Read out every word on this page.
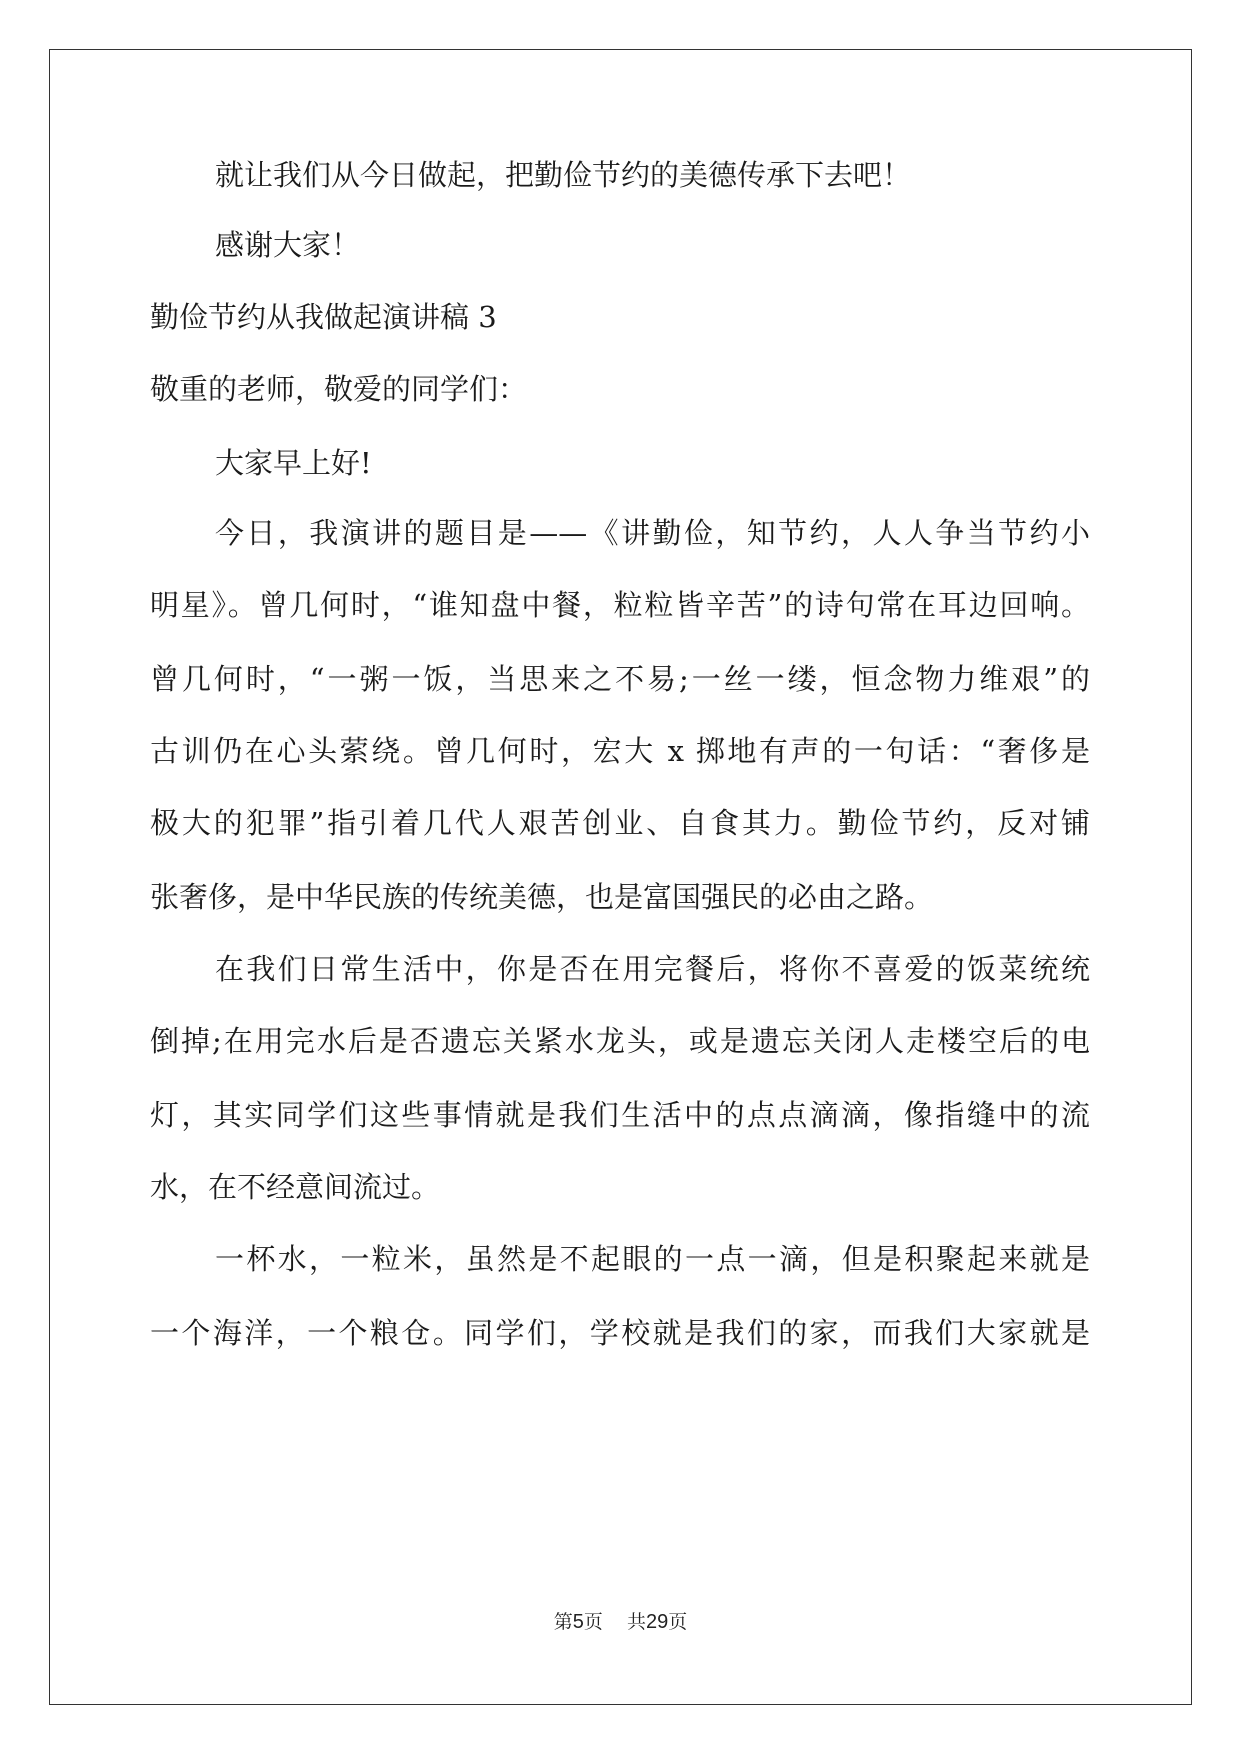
就让我们从今日做起，把勤俭节约的美德传承下去吧！
感谢大家！
勤俭节约从我做起演讲稿 3
敬重的老师，敬爱的同学们：
大家早上好!
今日，我演讲的题目是——《讲勤俭，知节约，人人争当节约小
明星》。曾几何时，“谁知盘中餐，粒粒皆辛苦”的诗句常在耳边回响。
曾几何时，“一粥一饭，当思来之不易;一丝一缕，恒念物力维艰”的
古训仍在心头萦绕。曾几何时，宏大 x 掷地有声的一句话：“奢侈是
极大的犯罪”指引着几代人艰苦创业、自食其力。勤俭节约，反对铺
张奢侈，是中华民族的传统美德，也是富国强民的必由之路。
在我们日常生活中，你是否在用完餐后，将你不喜爱的饭菜统统
倒掉;在用完水后是否遗忘关紧水龙头，或是遗忘关闭人走楼空后的电
灯，其实同学们这些事情就是我们生活中的点点滴滴，像指缝中的流
水，在不经意间流过。
一杯水，一粒米，虽然是不起眼的一点一滴，但是积聚起来就是
一个海洋，一个粮仓。同学们，学校就是我们的家，而我们大家就是
第5页 共29页
